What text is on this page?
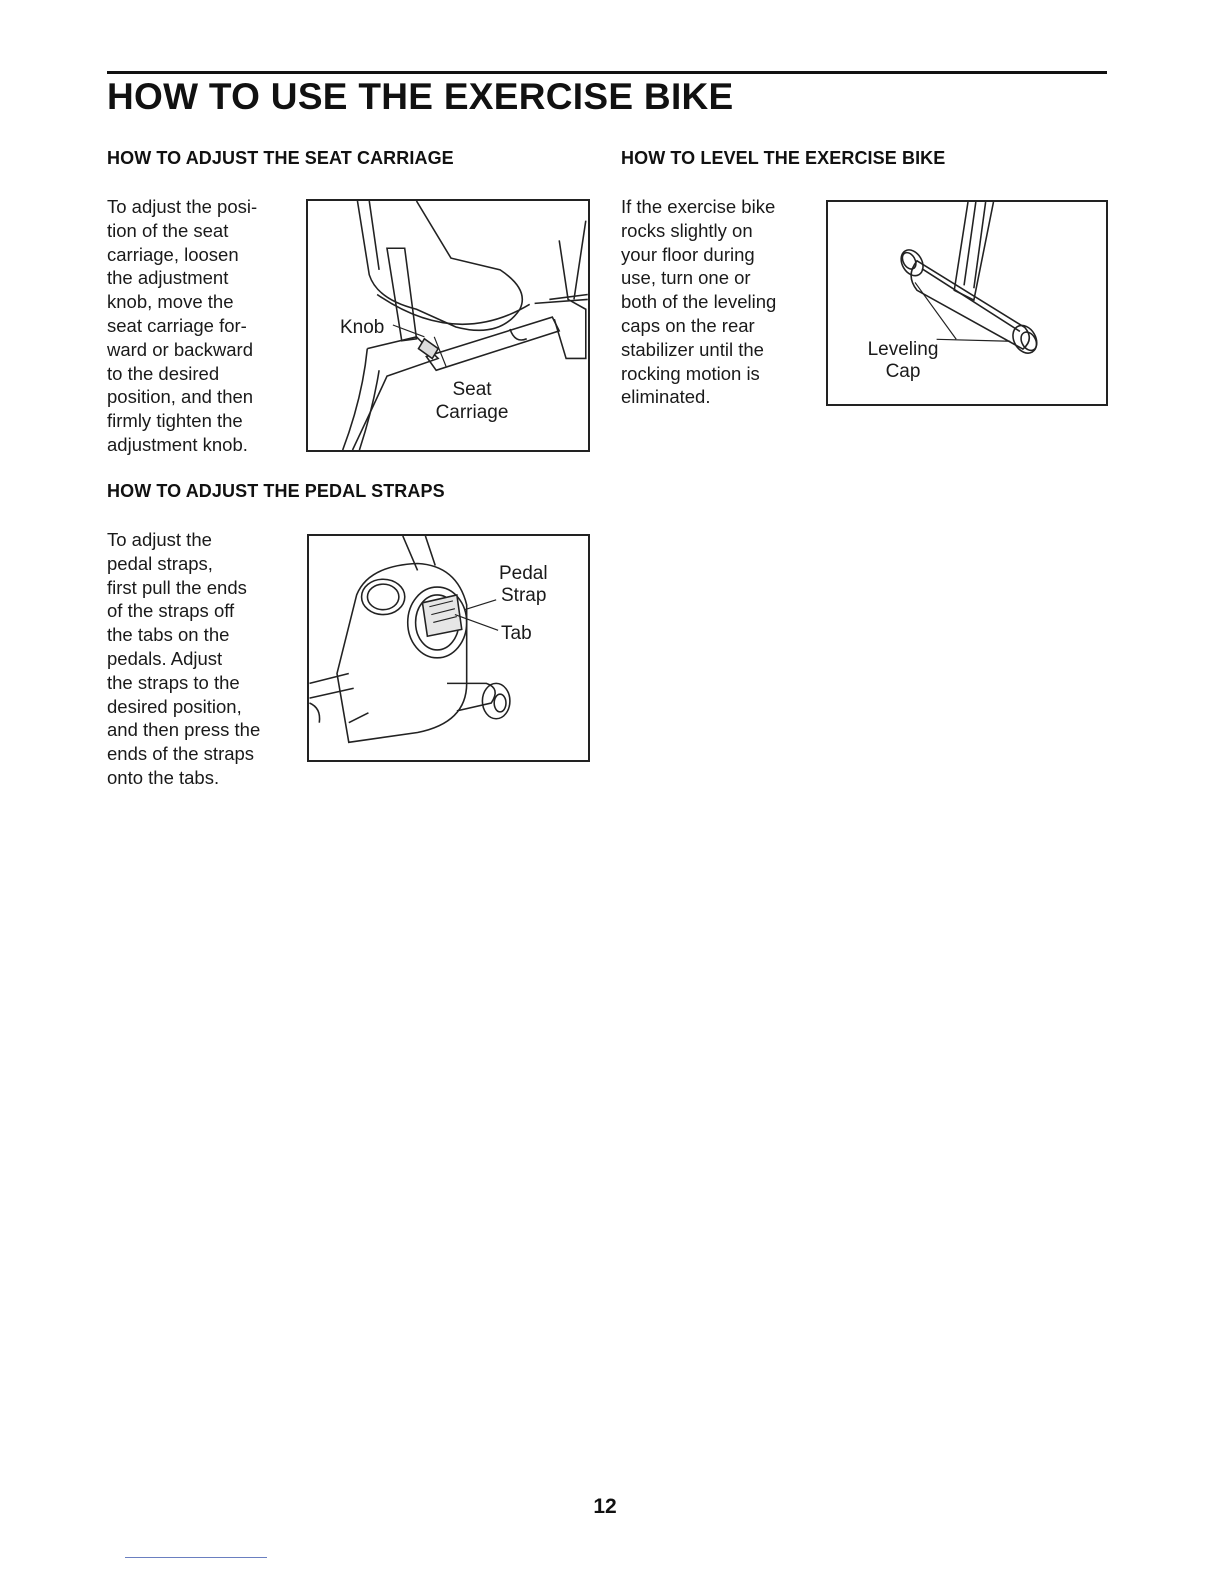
HOW TO USE THE EXERCISE BIKE
HOW TO ADJUST THE SEAT CARRIAGE
To adjust the posi-
tion of the seat
carriage, loosen
the adjustment
knob, move the
seat carriage for-
ward or backward
to the desired
position, and then
firmly tighten the
adjustment knob.
Knob
Seat
Carriage
HOW TO LEVEL THE EXERCISE BIKE
If the exercise bike
rocks slightly on
your floor during
use, turn one or
both of the leveling
caps on the rear
stabilizer until the
rocking motion is
eliminated.
Leveling
Cap
HOW TO ADJUST THE PEDAL STRAPS
To adjust the
pedal straps,
first pull the ends
of the straps off
the tabs on the
pedals. Adjust
the straps to the
desired position,
and then press the
ends of the straps
onto the tabs.
Pedal
Strap
Tab
12
